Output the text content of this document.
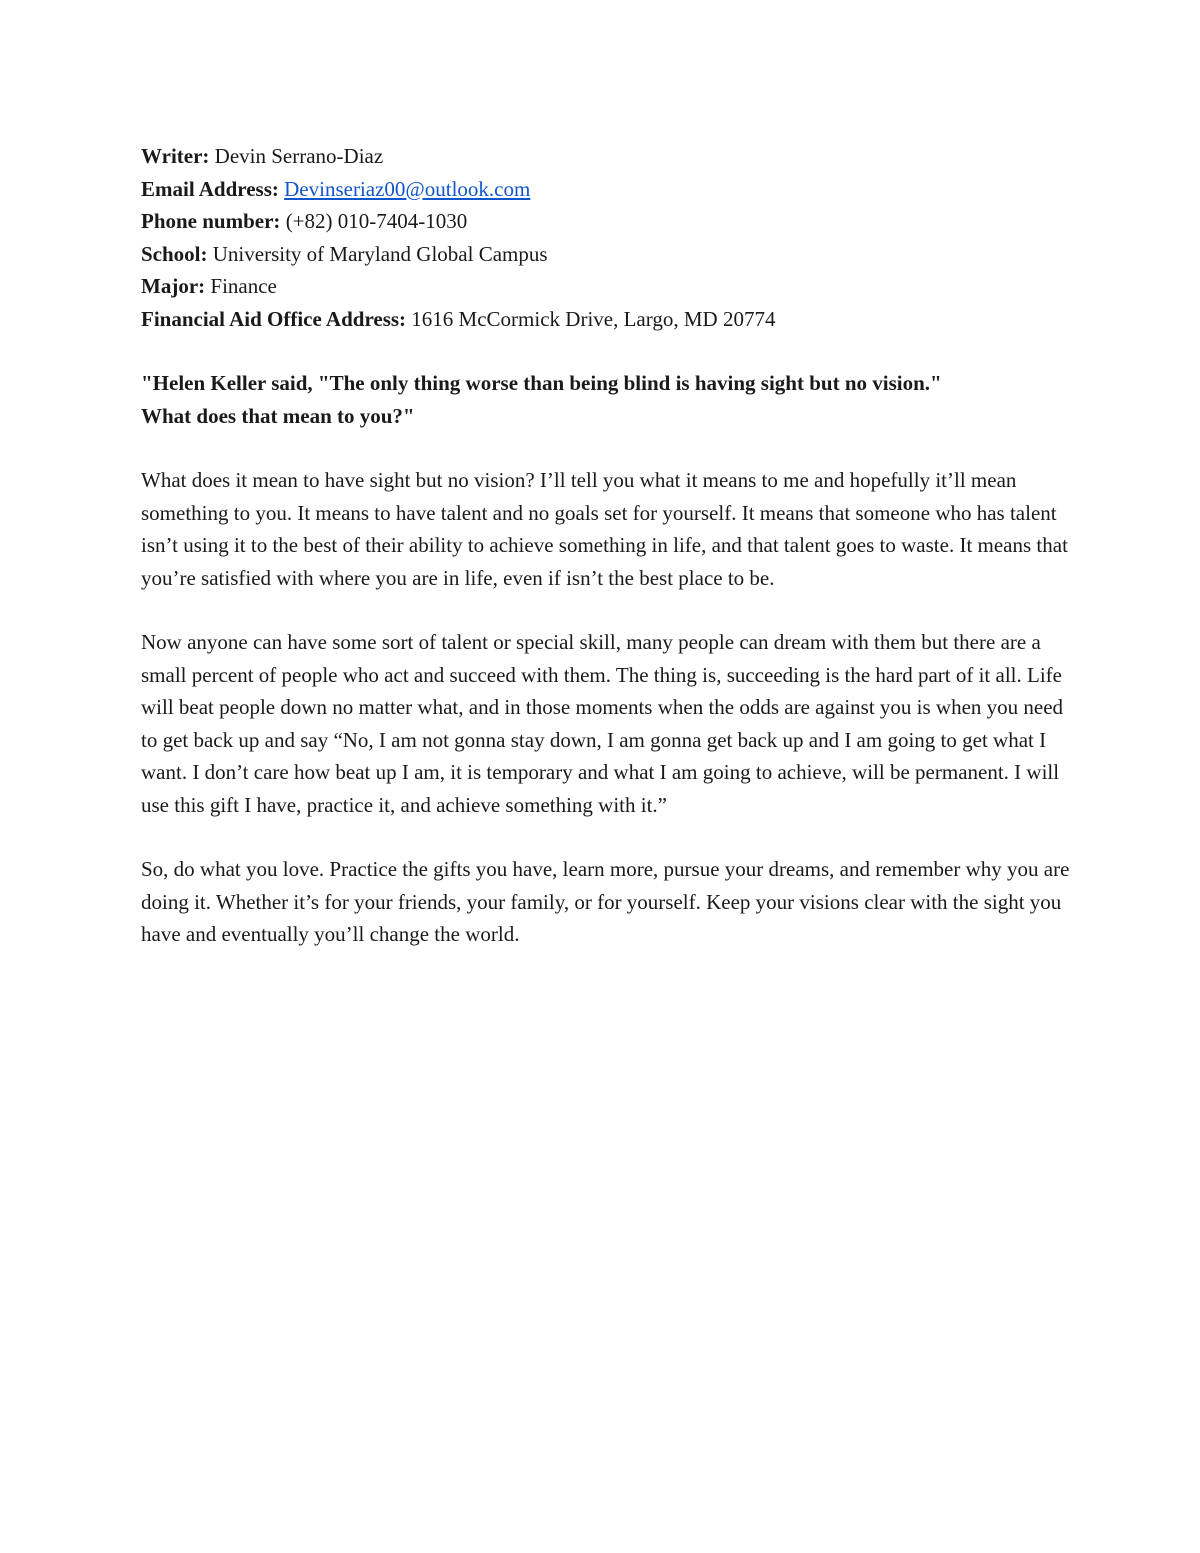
Writer: Devin Serrano-Diaz

Email Address: Devinseriaz00@outlook.com

Phone number: (+82) 010-7404-1030

School: University of Maryland Global Campus

Major: Finance

Financial Aid Office Address: 1616 McCormick Drive, Largo, MD 20774

"Helen Keller said, "The only thing worse than being blind is having sight but no vision."
What does that mean to you?"

What does it mean to have sight but no vision? I’ll tell you what it means to me and hopefully it’ll mean something to you. It means to have talent and no goals set for yourself. It means that someone who has talent isn’t using it to the best of their ability to achieve something in life, and that talent goes to waste. It means that you’re satisfied with where you are in life, even if isn’t the best place to be.

Now anyone can have some sort of talent or special skill, many people can dream with them but there are a small percent of people who act and succeed with them. The thing is, succeeding is the hard part of it all. Life will beat people down no matter what, and in those moments when the odds are against you is when you need to get back up and say “No, I am not gonna stay down, I am gonna get back up and I am going to get what I want. I don’t care how beat up I am, it is temporary and what I am going to achieve, will be permanent. I will use this gift I have, practice it, and achieve something with it.”

So, do what you love. Practice the gifts you have, learn more, pursue your dreams, and remember why you are doing it. Whether it’s for your friends, your family, or for yourself. Keep your visions clear with the sight you have and eventually you’ll change the world.
